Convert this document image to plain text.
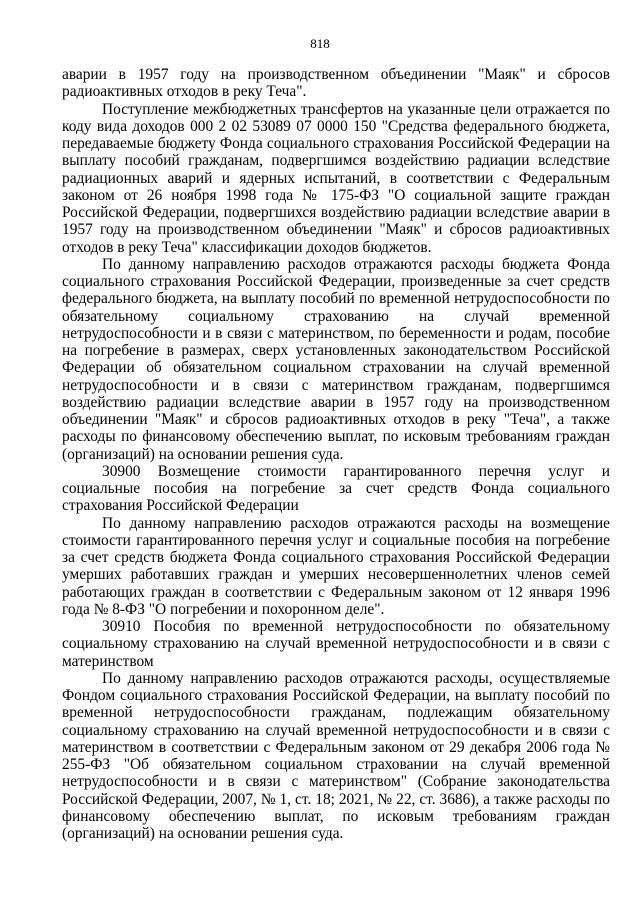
818

аварии в 1957 году на производственном объединении "Маяк" и сбросов радиоактивных отходов в реку Теча".

Поступление межбюджетных трансфертов на указанные цели отражается по коду вида доходов 000 2 02 53089 07 0000 150 "Средства федерального бюджета, передаваемые бюджету Фонда социального страхования Российской Федерации на выплату пособий гражданам, подвергшимся воздействию радиации вследствие радиационных аварий и ядерных испытаний, в соответствии с Федеральным законом от 26 ноября 1998 года № 175-ФЗ "О социальной защите граждан Российской Федерации, подвергшихся воздействию радиации вследствие аварии в 1957 году на производственном объединении "Маяк" и сбросов радиоактивных отходов в реку Теча" классификации доходов бюджетов.

По данному направлению расходов отражаются расходы бюджета Фонда социального страхования Российской Федерации, произведенные за счет средств федерального бюджета, на выплату пособий по временной нетрудоспособности по обязательному социальному страхованию на случай временной нетрудоспособности и в связи с материнством, по беременности и родам, пособие на погребение в размерах, сверх установленных законодательством Российской Федерации об обязательном социальном страховании на случай временной нетрудоспособности и в связи с материнством гражданам, подвергшимся воздействию радиации вследствие аварии в 1957 году на производственном объединении "Маяк" и сбросов радиоактивных отходов в реку "Теча", а также расходы по финансовому обеспечению выплат, по исковым требованиям граждан (организаций) на основании решения суда.

30900 Возмещение стоимости гарантированного перечня услуг и социальные пособия на погребение за счет средств Фонда социального страхования Российской Федерации

По данному направлению расходов отражаются расходы на возмещение стоимости гарантированного перечня услуг и социальные пособия на погребение за счет средств бюджета Фонда социального страхования Российской Федерации умерших работавших граждан и умерших несовершеннолетних членов семей работающих граждан в соответствии с Федеральным законом от 12 января 1996 года № 8-ФЗ "О погребении и похоронном деле".

30910 Пособия по временной нетрудоспособности по обязательному социальному страхованию на случай временной нетрудоспособности и в связи с материнством

По данному направлению расходов отражаются расходы, осуществляемые Фондом социального страхования Российской Федерации, на выплату пособий по временной нетрудоспособности гражданам, подлежащим обязательному социальному страхованию на случай временной нетрудоспособности и в связи с материнством в соответствии с Федеральным законом от 29 декабря 2006 года № 255-ФЗ "Об обязательном социальном страховании на случай временной нетрудоспособности и в связи с материнством" (Собрание законодательства Российской Федерации, 2007, № 1, ст. 18; 2021, № 22, ст. 3686), а также расходы по финансовому обеспечению выплат, по исковым требованиям граждан (организаций) на основании решения суда.
